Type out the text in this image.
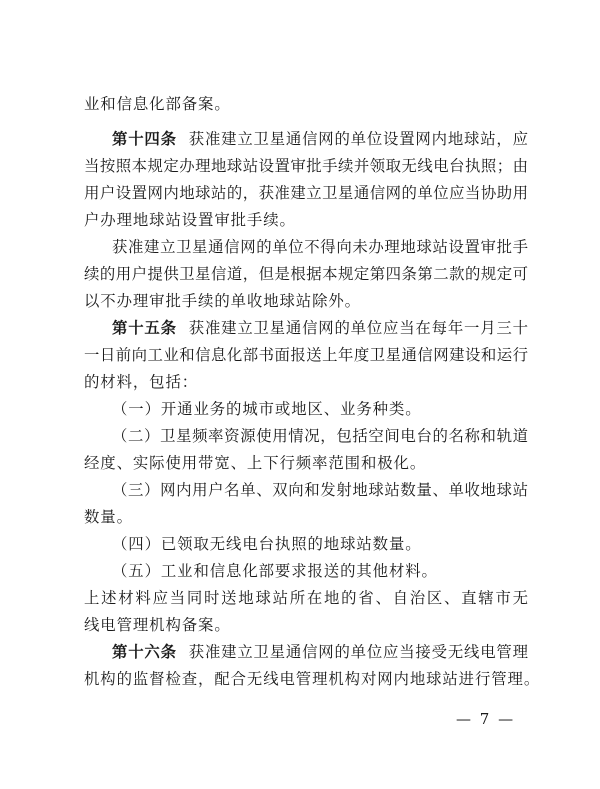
业和信息化部备案。
第十四条 获准建立卫星通信网的单位设置网内地球站，应
当按照本规定办理地球站设置审批手续并领取无线电台执照；由
用户设置网内地球站的，获准建立卫星通信网的单位应当协助用
户办理地球站设置审批手续。
获准建立卫星通信网的单位不得向未办理地球站设置审批手
续的用户提供卫星信道，但是根据本规定第四条第二款的规定可
以不办理审批手续的单收地球站除外。
第十五条 获准建立卫星通信网的单位应当在每年一月三十
一日前向工业和信息化部书面报送上年度卫星通信网建设和运行
的材料，包括：
（一）开通业务的城市或地区、业务种类。
（二）卫星频率资源使用情况，包括空间电台的名称和轨道
经度、实际使用带宽、上下行频率范围和极化。
（三）网内用户名单、双向和发射地球站数量、单收地球站
数量。
（四）已领取无线电台执照的地球站数量。
（五）工业和信息化部要求报送的其他材料。
上述材料应当同时送地球站所在地的省、自治区、直辖市无
线电管理机构备案。
第十六条 获准建立卫星通信网的单位应当接受无线电管理
机构的监督检查，配合无线电管理机构对网内地球站进行管理。
— 7 —
